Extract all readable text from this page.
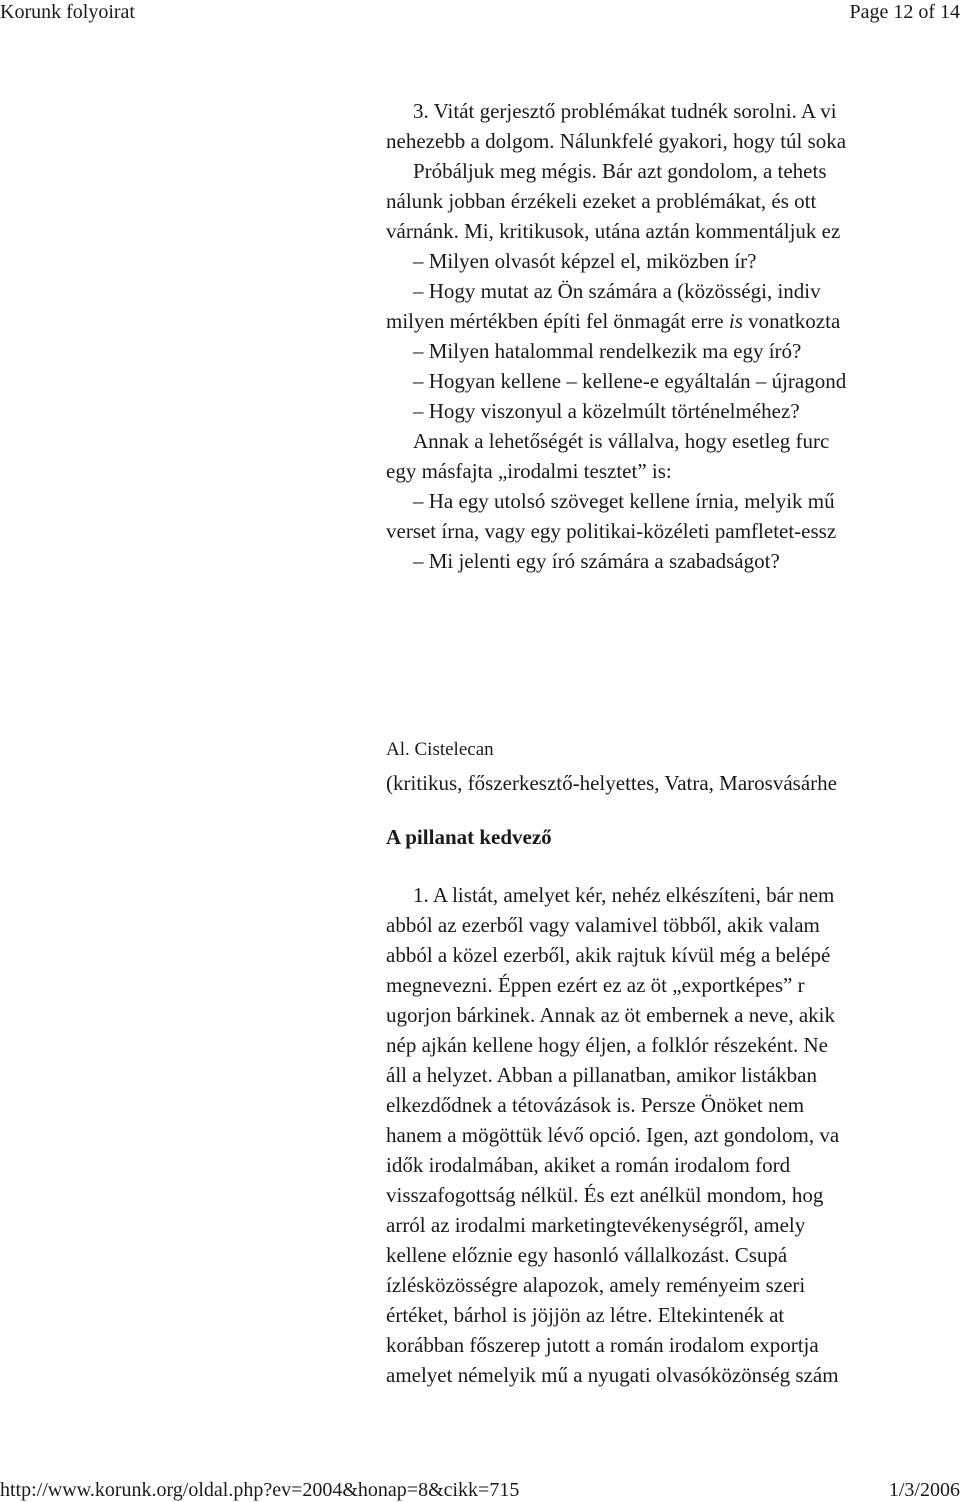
Korunk folyoirat	Page 12 of 14
3. Vitát gerjesztő problémákat tudnék sorolni. A vi
nehezebb a dolgom. Nálunkfelé gyakori, hogy túl soka
Próbáljuk meg mégis. Bár azt gondolom, a tehets
nálunk jobban érzékeli ezeket a problémákat, és ott
várnánk. Mi, kritikusok, utána aztán kommentáljuk ez
– Milyen olvasót képzel el, miközben ír?
– Hogy mutat az Ön számára a (közösségi, indiv
milyen mértékben építi fel önmagát erre is vonatkozta
– Milyen hatalommal rendelkezik ma egy író?
– Hogyan kellene – kellene-e egyáltalán – újragond
– Hogy viszonyul a közelmúlt történelméhez?
Annak a lehetőségét is vállalva, hogy esetleg furc
egy másfajta „irodalmi tesztet” is:
– Ha egy utolsó szöveget kellene írnia, melyik mű
verset írna, vagy egy politikai-közéleti pamfletet-essz
– Mi jelenti egy író számára a szabadságot?
Al. Cistelecan
(kritikus, főszerkesztő-helyettes, Vatra, Marosvásárhe
A pillanat kedvező
1. A listát, amelyet kér, nehéz elkészíteni, bár nem
abból az ezerből vagy valamivel többől, akik valam
abból a közel ezerből, akik rajtuk kívül még a belépé
megnevezni. Éppen ezért ez az öt „exportképes” r
ugorjon bárkinek. Annak az öt embernek a neve, akik
nép ajkán kellene hogy éljen, a folklór részeként. Ne
áll a helyzet. Abban a pillanatban, amikor listákban
elkezdődnek a tétovázások is. Persze Önöket nem
hanem a mögöttük lévő opció. Igen, azt gondolom, va
idők irodalmában, akiket a román irodalom ford
visszafogottság nélkül. És ezt anélkül mondom, hog
arról az irodalmi marketingtevékenységről, amely
kellene előznie egy hasonló vállalkozást. Csupá
ízlésközösségre alapozok, amely reményeim szeri
értéket, bárhol is jöjjön az létre. Eltekintenék at
korábban főszerep jutott a román irodalom exportja
amelyet némelyik mű a nyugati olvasóközönség szám
http://www.korunk.org/oldal.php?ev=2004&honap=8&cikk=715	1/3/2006
